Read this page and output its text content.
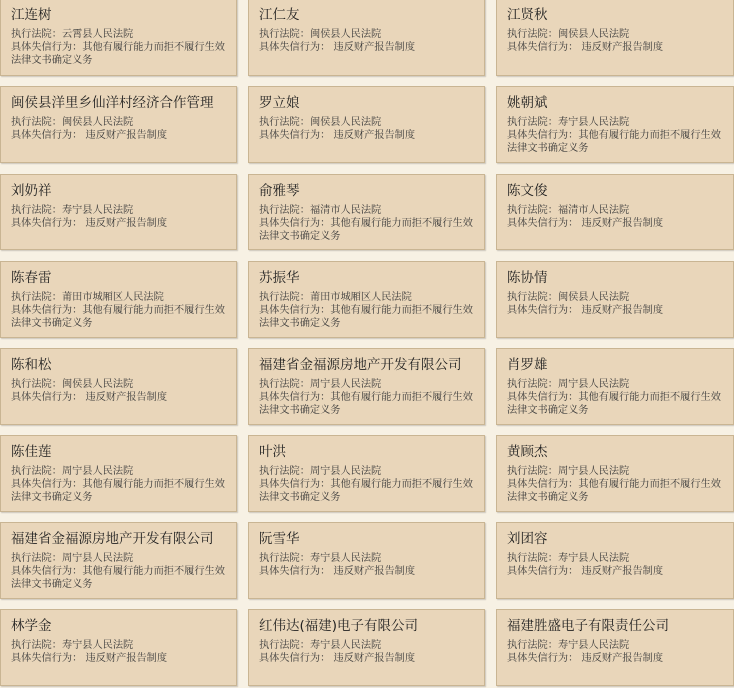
江连树
执行法院：云霄县人民法院
具体失信行为：其他有履行能力而拒不履行生效法律文书确定义务
江仁友
执行法院：闽侯县人民法院
具体失信行为： 违反财产报告制度
江贤秋
执行法院：闽侯县人民法院
具体失信行为： 违反财产报告制度
闽侯县洋里乡仙洋村经济合作管理
执行法院：闽侯县人民法院
具体失信行为： 违反财产报告制度
罗立娘
执行法院：闽侯县人民法院
具体失信行为： 违反财产报告制度
姚朝斌
执行法院：寿宁县人民法院
具体失信行为：其他有履行能力而拒不履行生效法律文书确定义务
刘奶祥
执行法院：寿宁县人民法院
具体失信行为： 违反财产报告制度
俞雅琴
执行法院：福清市人民法院
具体失信行为：其他有履行能力而拒不履行生效法律文书确定义务
陈文俊
执行法院：福清市人民法院
具体失信行为： 违反财产报告制度
陈春雷
执行法院：莆田市城厢区人民法院
具体失信行为：其他有履行能力而拒不履行生效法律文书确定义务
苏振华
执行法院：莆田市城厢区人民法院
具体失信行为：其他有履行能力而拒不履行生效法律文书确定义务
陈协情
执行法院：闽侯县人民法院
具体失信行为： 违反财产报告制度
陈和松
执行法院：闽侯县人民法院
具体失信行为： 违反财产报告制度
福建省金福源房地产开发有限公司
执行法院：周宁县人民法院
具体失信行为：其他有履行能力而拒不履行生效法律文书确定义务
肖罗雄
执行法院：周宁县人民法院
具体失信行为：其他有履行能力而拒不履行生效法律文书确定义务
陈佳莲
执行法院：周宁县人民法院
具体失信行为：其他有履行能力而拒不履行生效法律文书确定义务
叶洪
执行法院：周宁县人民法院
具体失信行为：其他有履行能力而拒不履行生效法律文书确定义务
黄顾杰
执行法院：周宁县人民法院
具体失信行为：其他有履行能力而拒不履行生效法律文书确定义务
福建省金福源房地产开发有限公司
执行法院：周宁县人民法院
具体失信行为：其他有履行能力而拒不履行生效法律文书确定义务
阮雪华
执行法院：寿宁县人民法院
具体失信行为： 违反财产报告制度
刘团容
执行法院：寿宁县人民法院
具体失信行为： 违反财产报告制度
林学金
执行法院：寿宁县人民法院
具体失信行为： 违反财产报告制度
红伟达(福建)电子有限公司
执行法院：寿宁县人民法院
具体失信行为： 违反财产报告制度
福建胜盛电子有限责任公司
执行法院：寿宁县人民法院
具体失信行为： 违反财产报告制度
